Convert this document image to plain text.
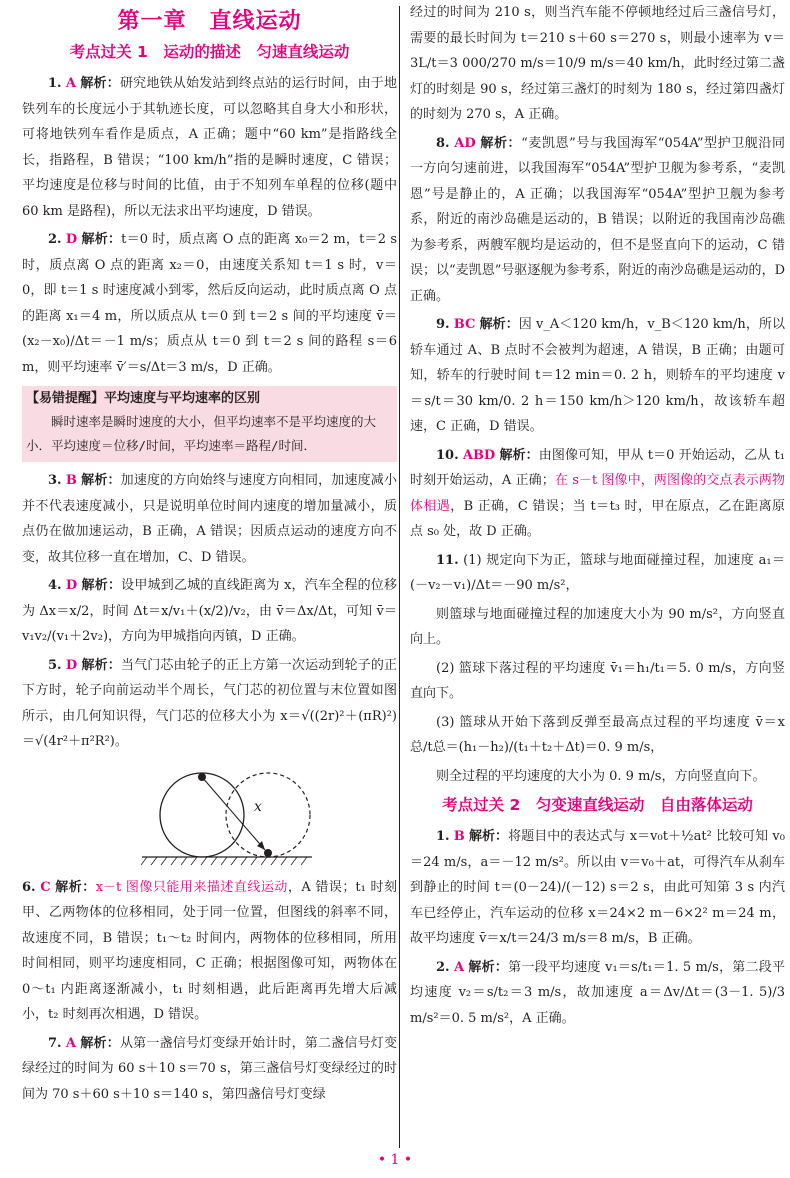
第一章　直线运动
考点过关 1　运动的描述　匀速直线运动

1. A 解析：研究地铁从始发站到终点站的运行时间，由于地铁列车的长度远小于其轨迹长度，可以忽略其自身大小和形状，可将地铁列车看作是质点，A 正确；题中“60 km”是指路线全长，指路程，B 错误；“100 km/h”指的是瞬时速度，C 错误；平均速度是位移与时间的比值，由于不知列车单程的位移(题中 60 km 是路程)，所以无法求出平均速度，D 错误。

2. D 解析：t＝0 时，质点离 O 点的距离 x₀＝2 m，t＝2 s 时，质点离 O 点的距离 x₂＝0，由速度关系知 t＝1 s 时，v＝0，即 t＝1 s 时速度减小到零，然后反向运动，此时质点离 O 点的距离 x₁＝4 m，所以质点从 t＝0 到 t＝2 s 间的平均速度 v̄＝(x₂－x₀)/Δt＝－1 m/s；质点从 t＝0 到 t＝2 s 间的路程 s＝6 m，则平均速率 v̄′＝s/Δt＝3 m/s，D 正确。

【易错提醒】平均速度与平均速率的区别
瞬时速率是瞬时速度的大小，但平均速率不是平均速度的大小．平均速度＝位移/时间，平均速率＝路程/时间．

3. B 解析：加速度的方向始终与速度方向相同，加速度减小并不代表速度减小，只是说明单位时间内速度的增加量减小，质点仍在做加速运动，B 正确，A 错误；因质点运动的速度方向不变，故其位移一直在增加，C、D 错误。

4. D 解析：设甲城到乙城的直线距离为 x，汽车全程的位移为 Δx＝x/2，时间 Δt＝x/v₁＋(x/2)/v₂，由 v̄＝Δx/Δt，可知 v̄＝v₁v₂/(v₁＋2v₂)，方向为甲城指向丙镇，D 正确。

5. D 解析：当气门芯由轮子的正上方第一次运动到轮子的正下方时，轮子向前运动半个周长，气门芯的初位置与末位置如图所示，由几何知识得，气门芯的位移大小为 x＝√((2r)²＋(πR)²)＝√(4r²＋π²R²)。

x

6. C 解析：x－t 图像只能用来描述直线运动，A 错误；t₁ 时刻甲、乙两物体的位移相同，处于同一位置，但图线的斜率不同，故速度不同，B 错误；t₁～t₂ 时间内，两物体的位移相同，所用时间相同，则平均速度相同，C 正确；根据图像可知，两物体在 0～t₁ 内距离逐渐减小，t₁ 时刻相遇，此后距离再先增大后减小，t₂ 时刻再次相遇，D 错误。

7. A 解析：从第一盏信号灯变绿开始计时，第二盏信号灯变绿经过的时间为 60 s＋10 s＝70 s，第三盏信号灯变绿经过的时间为 70 s＋60 s＋10 s＝140 s，第四盏信号灯变绿

经过的时间为 210 s，则当汽车能不停顿地经过后三盏信号灯，需要的最长时间为 t＝210 s＋60 s＝270 s，则最小速率为 v＝3L/t＝3 000/270 m/s＝10/9 m/s＝40 km/h，此时经过第二盏灯的时刻是 90 s，经过第三盏灯的时刻为 180 s，经过第四盏灯的时刻为 270 s，A 正确。

8. AD 解析：“麦凯恩”号与我国海军“054A”型护卫舰沿同一方向匀速前进，以我国海军“054A”型护卫舰为参考系，“麦凯恩”号是静止的，A 正确；以我国海军“054A”型护卫舰为参考系，附近的南沙岛礁是运动的，B 错误；以附近的我国南沙岛礁为参考系，两艘军舰均是运动的，但不是竖直向下的运动，C 错误；以“麦凯恩”号驱逐舰为参考系，附近的南沙岛礁是运动的，D 正确。

9. BC 解析：因 v_A＜120 km/h，v_B＜120 km/h，所以轿车通过 A、B 点时不会被判为超速，A 错误，B 正确；由题可知，轿车的行驶时间 t＝12 min＝0. 2 h，则轿车的平均速度 v＝s/t＝30 km/0. 2 h＝150 km/h＞120 km/h，故该轿车超速，C 正确，D 错误。

10. ABD 解析：由图像可知，甲从 t＝0 开始运动，乙从 t₁ 时刻开始运动，A 正确；在 s－t 图像中，两图像的交点表示两物体相遇，B 正确，C 错误；当 t＝t₃ 时，甲在原点，乙在距离原点 s₀ 处，故 D 正确。

11. (1) 规定向下为正，篮球与地面碰撞过程，加速度 a₁＝(－v₂－v₁)/Δt＝－90 m/s²，

则篮球与地面碰撞过程的加速度大小为 90 m/s²，方向竖直向上。

(2) 篮球下落过程的平均速度 v̄₁＝h₁/t₁＝5. 0 m/s，方向竖直向下。

(3) 篮球从开始下落到反弹至最高点过程的平均速度 v̄＝x总/t总＝(h₁－h₂)/(t₁＋t₂＋Δt)＝0. 9 m/s，

则全过程的平均速度的大小为 0. 9 m/s，方向竖直向下。

考点过关 2　匀变速直线运动　自由落体运动

1. B 解析：将题目中的表达式与 x＝v₀t＋½at² 比较可知 v₀＝24 m/s，a＝－12 m/s²。所以由 v＝v₀＋at，可得汽车从刹车到静止的时间 t＝(0－24)/(－12) s＝2 s，由此可知第 3 s 内汽车已经停止，汽车运动的位移 x＝24×2 m－6×2² m＝24 m，故平均速度 v̄＝x/t＝24/3 m/s＝8 m/s，B 正确。

2. A 解析：第一段平均速度 v₁＝s/t₁＝1. 5 m/s，第二段平均速度 v₂＝s/t₂＝3 m/s，故加速度 a＝Δv/Δt＝(3－1. 5)/3 m/s²＝0. 5 m/s²，A 正确。

• 1 •
